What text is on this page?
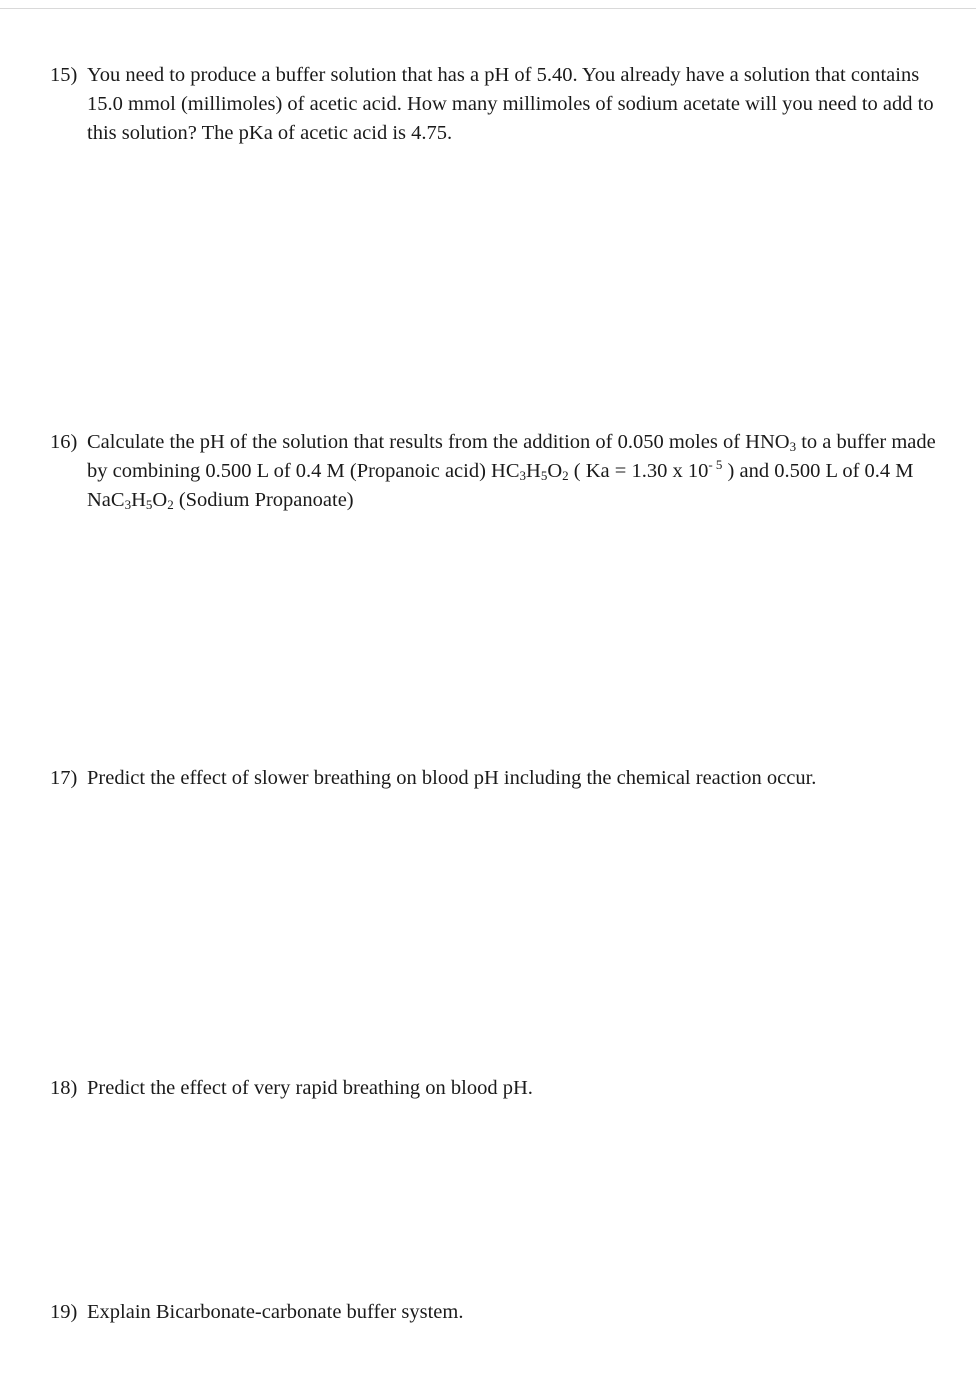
15) You need to produce a buffer solution that has a pH of 5.40. You already have a solution that contains 15.0 mmol (millimoles) of acetic acid. How many millimoles of sodium acetate will you need to add to this solution? The pKa of acetic acid is 4.75.
16) Calculate the pH of the solution that results from the addition of 0.050 moles of $HNO_3$ to a buffer made by combining 0.500 L of 0.4 M (Propanoic acid) $HC_3H_5O_2$ ( Ka = 1.30 x $10^{- 5}$ ) and 0.500 L of 0.4 M $NaC_3H_5O_2$ (Sodium Propanoate)
17) Predict the effect of slower breathing on blood pH including the chemical reaction occur.
18) Predict the effect of very rapid breathing on blood pH.
19) Explain Bicarbonate-carbonate buffer system.
